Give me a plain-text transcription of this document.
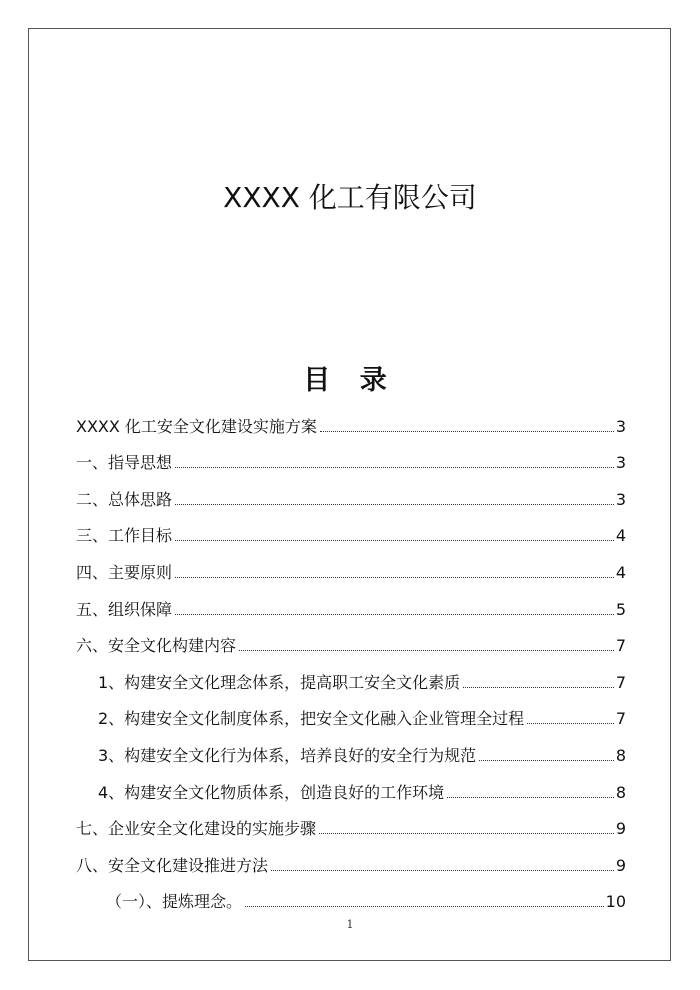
XXXX 化工有限公司
目 录
XXXX 化工安全文化建设实施方案	3
一、指导思想	3
二、总体思路	3
三、工作目标	4
四、主要原则	4
五、组织保障	5
六、安全文化构建内容	7
1、构建安全文化理念体系，提高职工安全文化素质	7
2、构建安全文化制度体系，把安全文化融入企业管理全过程	7
3、构建安全文化行为体系，培养良好的安全行为规范	8
4、构建安全文化物质体系，创造良好的工作环境	8
七、企业安全文化建设的实施步骤	9
八、安全文化建设推进方法	9
（一）、提炼理念。	10
1
